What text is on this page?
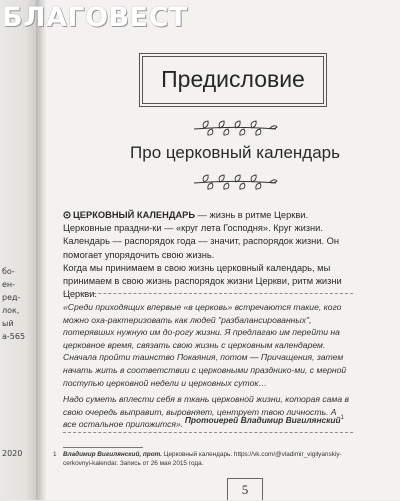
бо-
ен-
ред-
лок,
ый
а-565
2020
БЛАГОВЕСТ
Предисловие
Про церковный календарь

ЦЕРКОВНЫЙ КАЛЕНДАРЬ — жизнь в ритме Церкви. Церковные праздни-ки — «круг лета Господня». Круг жизни.

Календарь — распорядок года — значит, распорядок жизни. Он помогает упорядочить свою жизнь.

Когда мы принимаем в свою жизнь церковный календарь, мы принимаем в свою жизнь распорядок жизни Церкви, ритм жизни Церкви.

«Среди приходящих впервые «в церковь» встречаются такие, кого можно оха-рактеризовать как людей "разбалансированных", потерявших нужную им до-рогу жизни. Я предлагаю им перейти на церковное время, связать свою жизнь с церковным календарем. Сначала пройти таинство Покаяния, потом — Причащения, затем начать жить в соответствии с церковными празднико-ми, с мерной поступью церковной недели и церковных суток…

Надо суметь вплести себя в ткань церковной жизни, которая сама в свою очередь выправит, выровняет, центрует твою личность. А все остальное приложится». Протоиерей Владимир Вигилянский$^1$
1 Владимир Вигилянский, прот. Церковный календарь. https://vk.com/@vladimir_vigilyanskiy-cerkovnyi-kalendar. Запись от 26 мая 2015 года.
5
